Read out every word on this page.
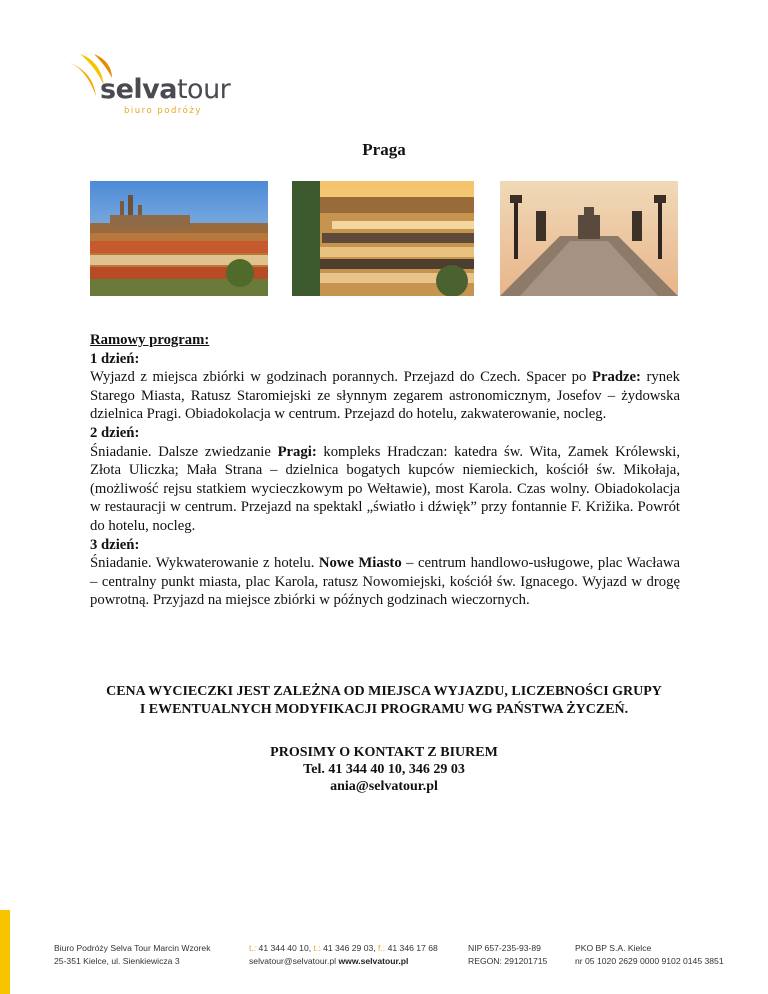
selvatour
biuro podróży
Praga
Ramowy program:
1 dzień:
Wyjazd z miejsca zbiórki w godzinach porannych. Przejazd do Czech. Spacer po Pradze: rynek Starego Miasta, Ratusz Staromiejski ze słynnym zegarem astronomicznym, Josefov – żydowska dzielnica Pragi. Obiadokolacja w centrum. Przejazd do hotelu, zakwaterowanie, nocleg.
2 dzień:
Śniadanie. Dalsze zwiedzanie Pragi: kompleks Hradczan: katedra św. Wita, Zamek Królewski, Złota Uliczka; Mała Strana – dzielnica bogatych kupców niemieckich, kościół św. Mikołaja, (możliwość rejsu statkiem wycieczkowym po Wełtawie), most Karola. Czas wolny. Obiadokolacja w restauracji w centrum. Przejazd na spektakl „światło i dźwięk” przy fontannie F. Križika. Powrót do hotelu, nocleg.
3 dzień:
Śniadanie. Wykwaterowanie z hotelu. Nowe Miasto – centrum handlowo-usługowe, plac Wacława – centralny punkt miasta, plac Karola, ratusz Nowomiejski, kościół św. Ignacego. Wyjazd w drogę powrotną. Przyjazd na miejsce zbiórki w późnych godzinach wieczornych.
CENA WYCIECZKI JEST ZALEŻNA OD MIEJSCA WYJAZDU, LICZEBNOŚCI GRUPY
I EWENTUALNYCH MODYFIKACJI PROGRAMU WG PAŃSTWA ŻYCZEŃ.
PROSIMY O KONTAKT Z BIUREM
Tel. 41 344 40 10, 346 29 03
ania@selvatour.pl
Biuro Podróży Selva Tour Marcin Wzorek
25-351 Kielce, ul. Sienkiewicza 3
t.: 41 344 40 10, t.: 41 346 29 03, f.: 41 346 17 68
selvatour@selvatour.pl www.selvatour.pl
NIP 657-235-93-89
REGON: 291201715
PKO BP S.A. Kielce
nr 05 1020 2629 0000 9102 0145 3851
